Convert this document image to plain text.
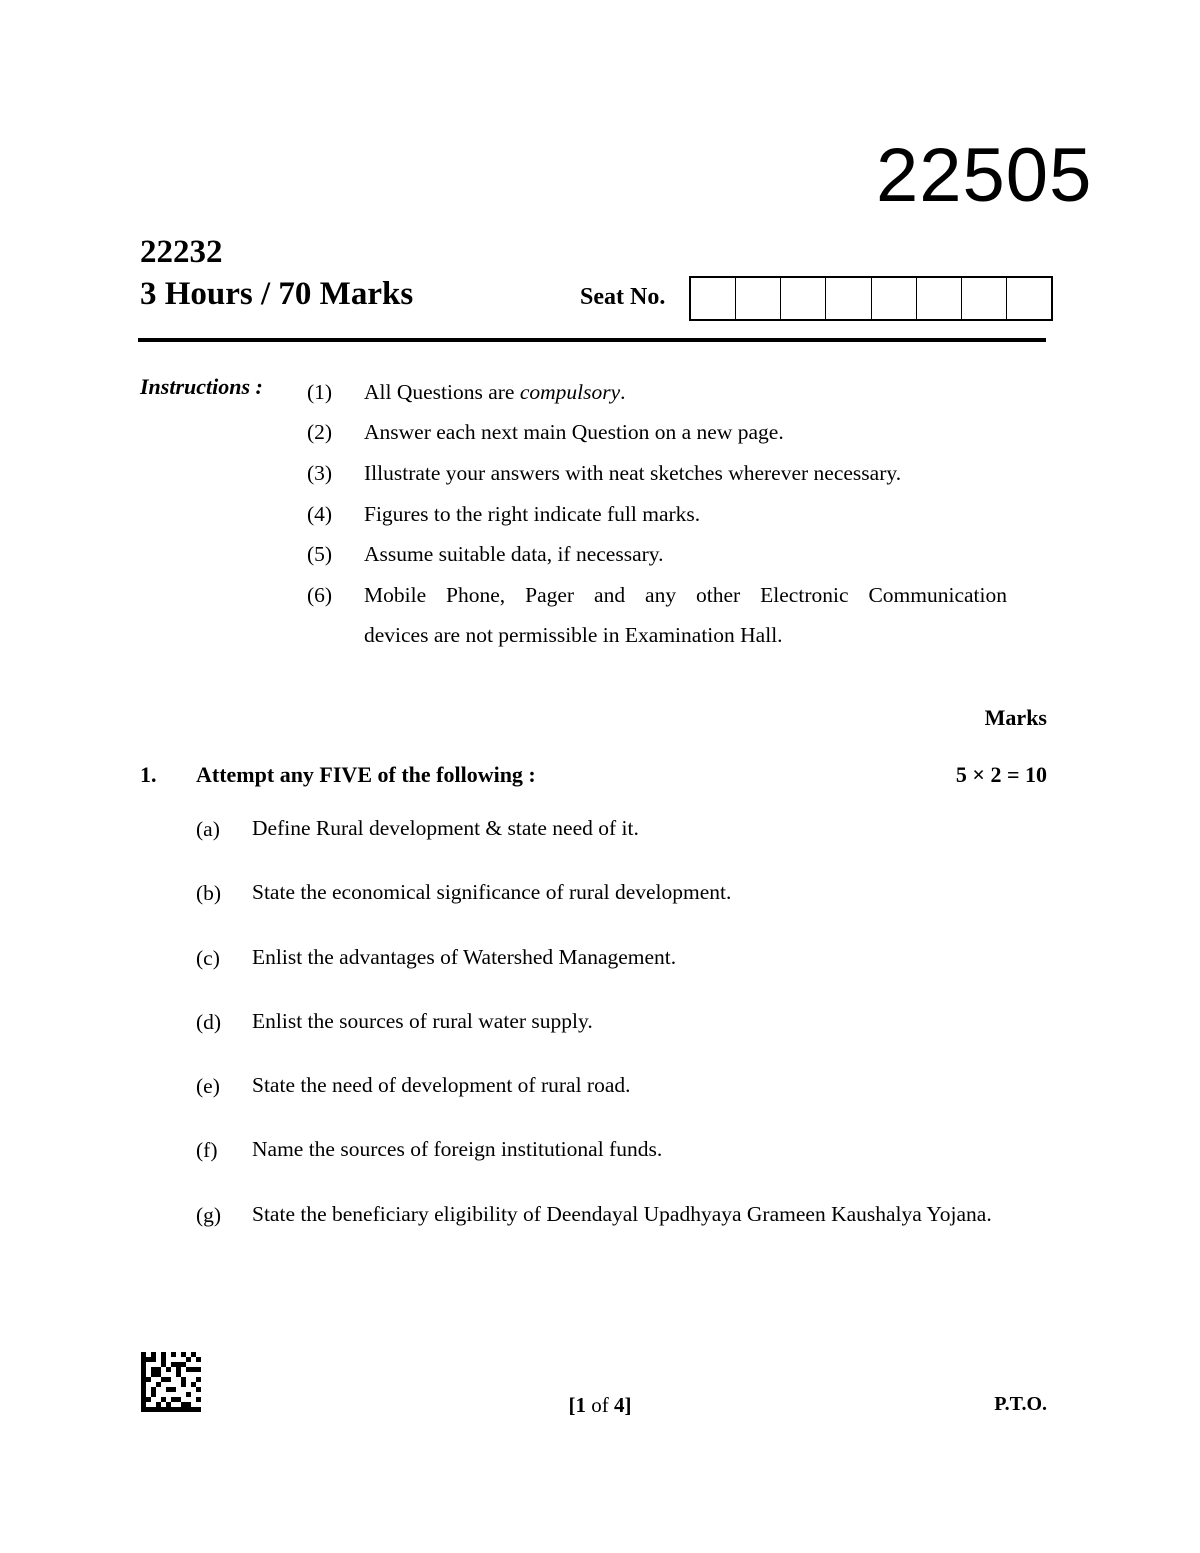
22505
22232
3 Hours / 70 Marks	Seat No.
Instructions : (1)	All Questions are compulsory.
(2)	Answer each next main Question on a new page.
(3)	Illustrate your answers with neat sketches wherever necessary.
(4)	Figures to the right indicate full marks.
(5)	Assume suitable data, if necessary.
(6)	Mobile Phone, Pager and any other Electronic Communication
devices are not permissible in Examination Hall.
Marks
1. Attempt any FIVE of the following :	5 × 2 = 10
(a)	Define Rural development & state need of it.
(b)	State the economical significance of rural development.
(c)	Enlist the advantages of Watershed Management.
(d)	Enlist the sources of rural water supply.
(e)	State the need of development of rural road.
(f)	Name the sources of foreign institutional funds.
(g)	State the beneficiary eligibility of Deendayal Upadhyaya Grameen Kaushalya Yojana.
[1 of 4]	P.T.O.
